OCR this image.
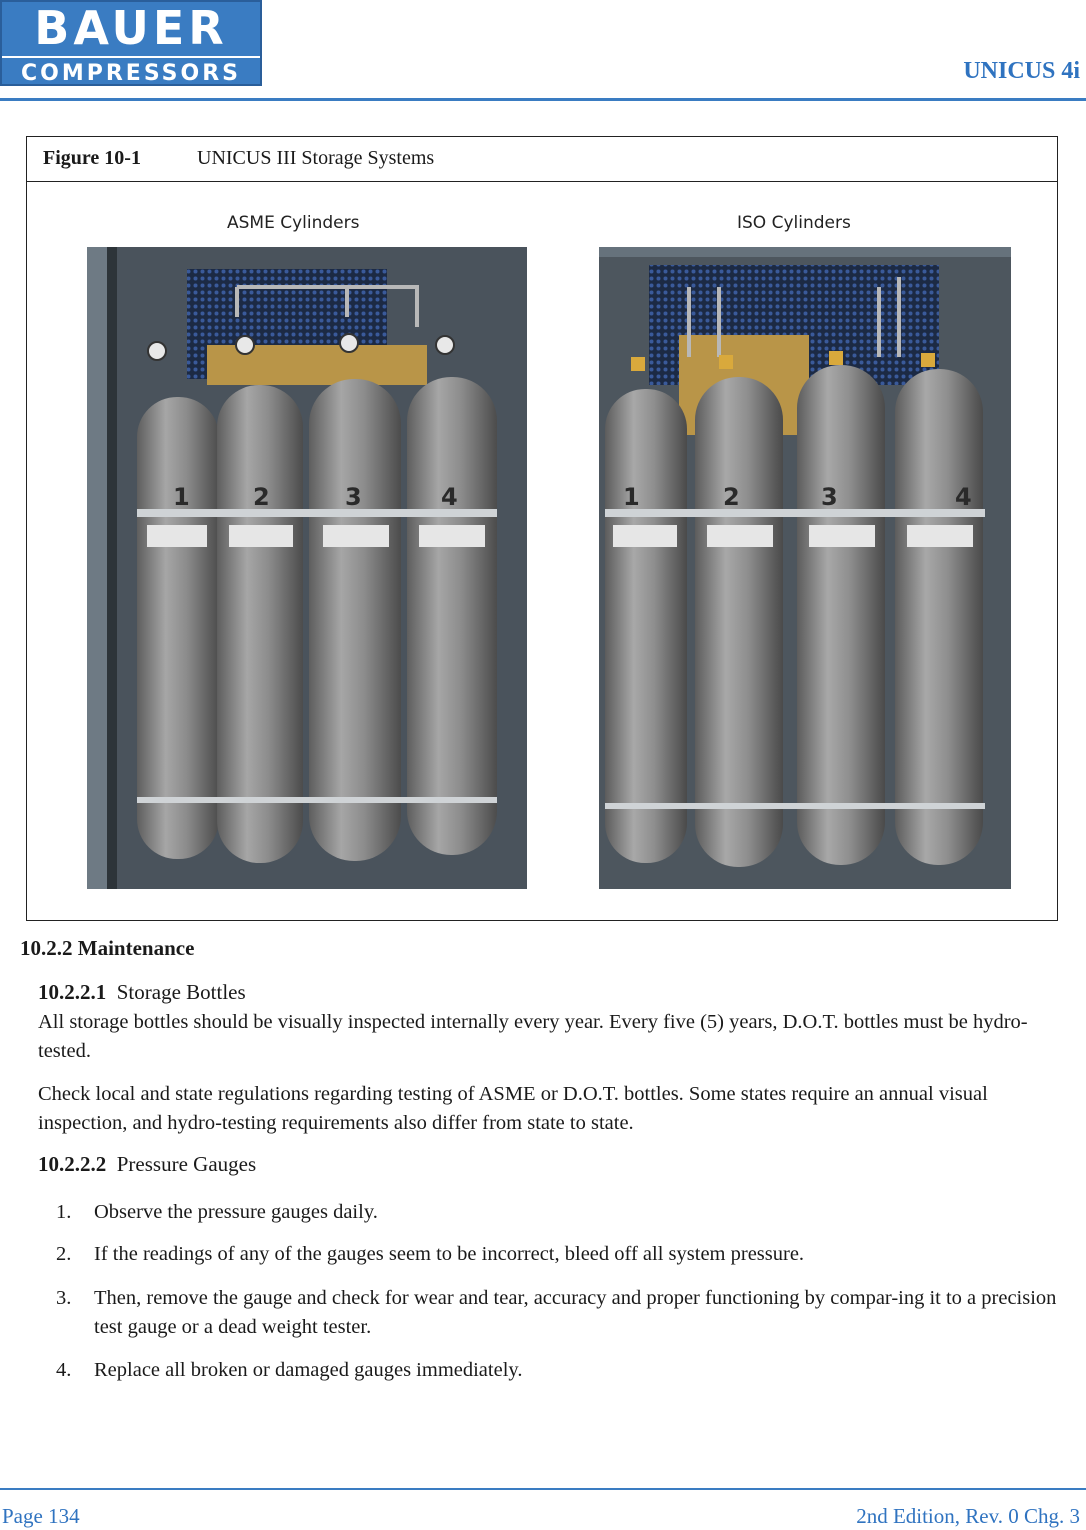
BAUER
COMPRESSORS	UNICUS 4i
Figure 10-1	UNICUS III Storage Systems
ASME Cylinders	ISO Cylinders
1	2	3	4	1	2	3	4
10.2.2 Maintenance
10.2.2.1 Storage Bottles
All storage bottles should be visually inspected internally every year. Every five (5) years, D.O.T. bottles must be hydro-tested.
Check local and state regulations regarding testing of ASME or D.O.T. bottles. Some states require an annual visual inspection, and hydro-testing requirements also differ from state to state.
10.2.2.2 Pressure Gauges
1. Observe the pressure gauges daily.
2. If the readings of any of the gauges seem to be incorrect, bleed off all system pressure.
3. Then, remove the gauge and check for wear and tear, accuracy and proper functioning by compar-ing it to a precision test gauge or a dead weight tester.
4. Replace all broken or damaged gauges immediately.
Page 134	2nd Edition, Rev. 0 Chg. 3
